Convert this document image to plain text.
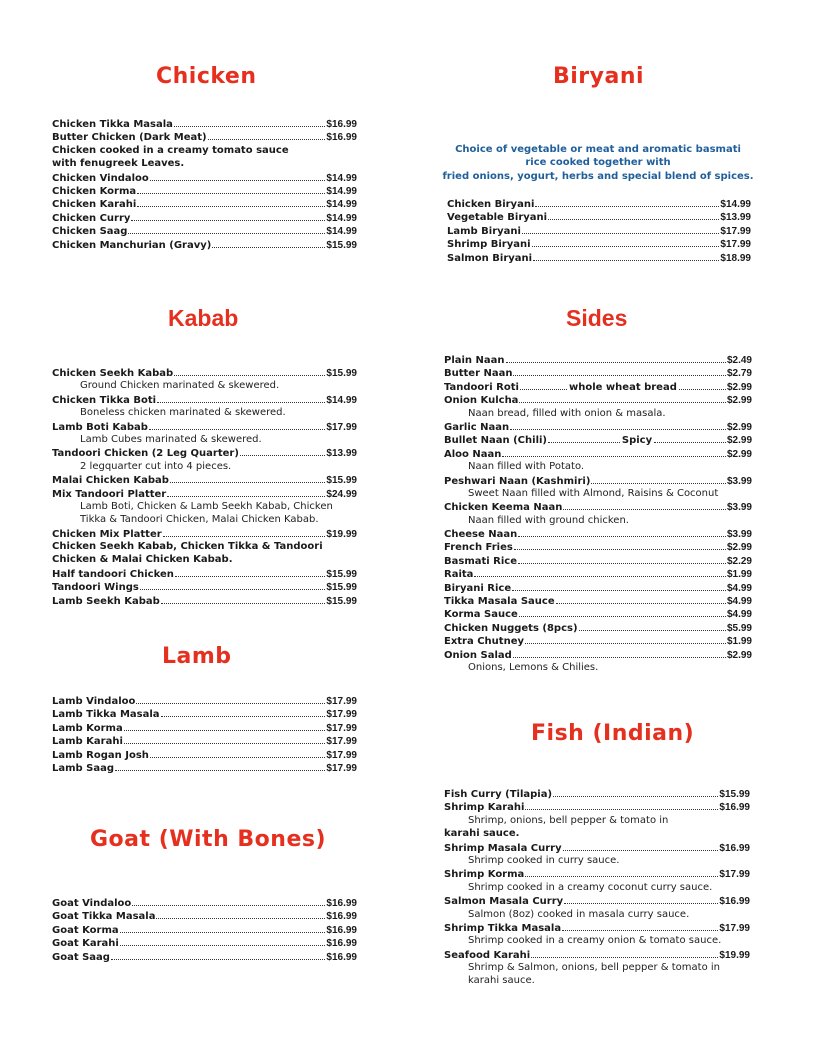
Chicken	Biryani
Kabab	Sides
Lamb
Fish (Indian)
Goat (With Bones)
Choice of vegetable or meat and aromatic basmati
rice cooked together with
fried onions, yogurt, herbs and special blend of spices.
Chicken Tikka Masala	$16.99
Butter Chicken (Dark Meat)	$16.99
Chicken cooked in a creamy tomato sauce
with fenugreek Leaves.
Chicken Vindaloo	$14.99
Chicken Korma	$14.99
Chicken Karahi	$14.99
Chicken Curry	$14.99
Chicken Saag	$14.99
Chicken Manchurian (Gravy)	$15.99
Chicken Biryani	$14.99
Vegetable Biryani	$13.99
Lamb Biryani	$17.99
Shrimp Biryani	$17.99
Salmon Biryani	$18.99
Chicken Seekh Kabab	$15.99
Ground Chicken marinated & skewered.
Chicken Tikka Boti	$14.99
Boneless chicken marinated & skewered.
Lamb Boti Kabab	$17.99
Lamb Cubes marinated & skewered.
Tandoori Chicken (2 Leg Quarter)	$13.99
2 legquarter cut into 4 pieces.
Malai Chicken Kabab	$15.99
Mix Tandoori Platter	$24.99
Lamb Boti, Chicken & Lamb Seekh Kabab, Chicken
Tikka & Tandoori Chicken, Malai Chicken Kabab.
Chicken Mix Platter	$19.99
Chicken Seekh Kabab, Chicken Tikka & Tandoori
Chicken & Malai Chicken Kabab.
Half tandoori Chicken	$15.99
Tandoori Wings	$15.99
Lamb Seekh Kabab	$15.99
Plain Naan	$2.49
Butter Naan	$2.79
Tandoori Roti	whole wheat bread	$2.99
Onion Kulcha	$2.99
Naan bread, filled with onion & masala.
Garlic Naan	$2.99
Bullet Naan (Chili)	Spicy	$2.99
Aloo Naan	$2.99
Naan filled with Potato.
Peshwari Naan (Kashmiri)	$3.99
Sweet Naan filled with Almond, Raisins & Coconut
Chicken Keema Naan	$3.99
Naan filled with ground chicken.
Cheese Naan	$3.99
French Fries	$2.99
Basmati Rice	$2.29
Raita	$1.99
Biryani Rice	$4.99
Tikka Masala Sauce	$4.99
Korma Sauce	$4.99
Chicken Nuggets (8pcs)	$5.99
Extra Chutney	$1.99
Onion Salad	$2.99
Onions, Lemons & Chilies.
Lamb Vindaloo	$17.99
Lamb Tikka Masala	$17.99
Lamb Korma	$17.99
Lamb Karahi	$17.99
Lamb Rogan Josh	$17.99
Lamb Saag	$17.99
Fish Curry (Tilapia)	$15.99
Shrimp Karahi	$16.99
Shrimp, onions, bell pepper & tomato in
karahi sauce.
Shrimp Masala Curry	$16.99
Shrimp cooked in curry sauce.
Shrimp Korma	$17.99
Shrimp cooked in a creamy coconut curry sauce.
Salmon Masala Curry	$16.99
Salmon (8oz) cooked in masala curry sauce.
Shrimp Tikka Masala	$17.99
Shrimp cooked in a creamy onion & tomato sauce.
Seafood Karahi	$19.99
Shrimp & Salmon, onions, bell pepper & tomato in
karahi sauce.
Goat Vindaloo	$16.99
Goat Tikka Masala	$16.99
Goat Korma	$16.99
Goat Karahi	$16.99
Goat Saag	$16.99
